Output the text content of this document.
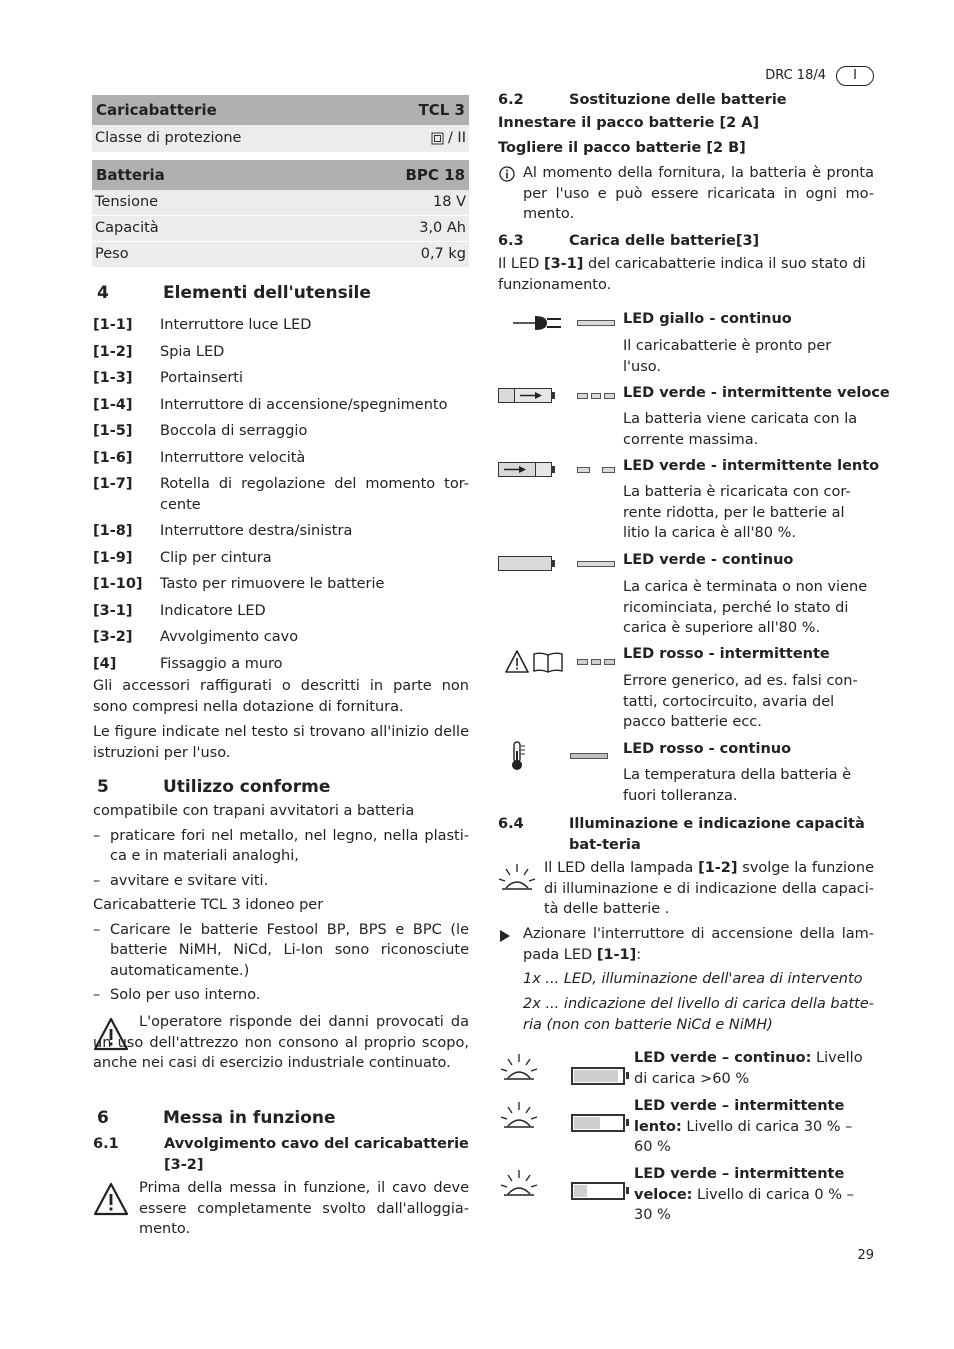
DRC 18/4	I
Caricabatterie	TCL 3
Classe di protezione	/ II
Batteria	BPC 18
Tensione	18 V
Capacità	3,0 Ah
Peso	0,7 kg
4	Elementi dell'utensile
[1-1]	Interruttore luce LED
[1-2]	Spia LED
[1-3]	Portainserti
[1-4]	Interruttore di accensione/spegnimento
[1-5]	Boccola di serraggio
[1-6]	Interruttore velocità
[1-7]	Rotella di regolazione del momento tor-cente
[1-8]	Interruttore destra/sinistra
[1-9]	Clip per cintura
[1-10]	Tasto per rimuovere le batterie
[3-1]	Indicatore LED
[3-2]	Avvolgimento cavo
[4]	Fissaggio a muro

Gli accessori raffigurati o descritti in parte non sono compresi nella dotazione di fornitura.

Le figure indicate nel testo si trovano all'inizio delle istruzioni per l'uso.

5	Utilizzo conforme
compatibile con trapani avvitatori a batteria
– praticare fori nel metallo, nel legno, nella plasti-ca e in materiali analoghi,
– avvitare e svitare viti.
Caricabatterie TCL 3 idoneo per
– Caricare le batterie Festool BP, BPS e BPC (le batterie NiMH, NiCd, Li-Ion sono riconosciute automaticamente.)
– Solo per uso interno.

L'operatore risponde dei danni provocati da un uso dell'attrezzo non consono al proprio scopo, anche nei casi di esercizio industriale continuato.

6	Messa in funzione
6.1	Avvolgimento cavo del caricabatterie [3-2]

Prima della messa in funzione, il cavo deve essere completamente svolto dall'alloggia-mento.

6.2	Sostituzione delle batterie
Innestare il pacco batterie [2 A]
Togliere il pacco batterie [2 B]

Al momento della fornitura, la batteria è pronta per l'uso e può essere ricaricata in ogni mo-mento.

6.3	Carica delle batterie[3]

Il LED [3-1] del caricabatterie indica il suo stato di funzionamento.

LED giallo - continuo
Il caricabatterie è pronto per l'uso.
LED verde - intermittente veloce
La batteria viene caricata con la corrente massima.
LED verde - intermittente lento
La batteria è ricaricata con cor-rente ridotta, per le batterie al litio la carica è all'80 %.
LED verde - continuo
La carica è terminata o non viene ricominciata, perché lo stato di carica è superiore all'80 %.
LED rosso - intermittente
Errore generico, ad es. falsi con-tatti, cortocircuito, avaria del pacco batterie ecc.
LED rosso - continuo
La temperatura della batteria è fuori tolleranza.
6.4	Illuminazione e indicazione capacità bat-teria

Il LED della lampada [1-2] svolge la funzione di illuminazione e di indicazione della capaci-tà delle batterie .

Azionare l'interruttore di accensione della lam-pada LED [1-1]:

1x ... LED, illuminazione dell'area di intervento
2x ... indicazione del livello di carica della batte-ria (non con batterie NiCd e NiMH)
LED verde – continuo: Livello di carica >60 %
LED verde – intermittente lento: Livello di carica 30 % – 60 %
LED verde – intermittente veloce: Livello di carica 0 % – 30 %
29
